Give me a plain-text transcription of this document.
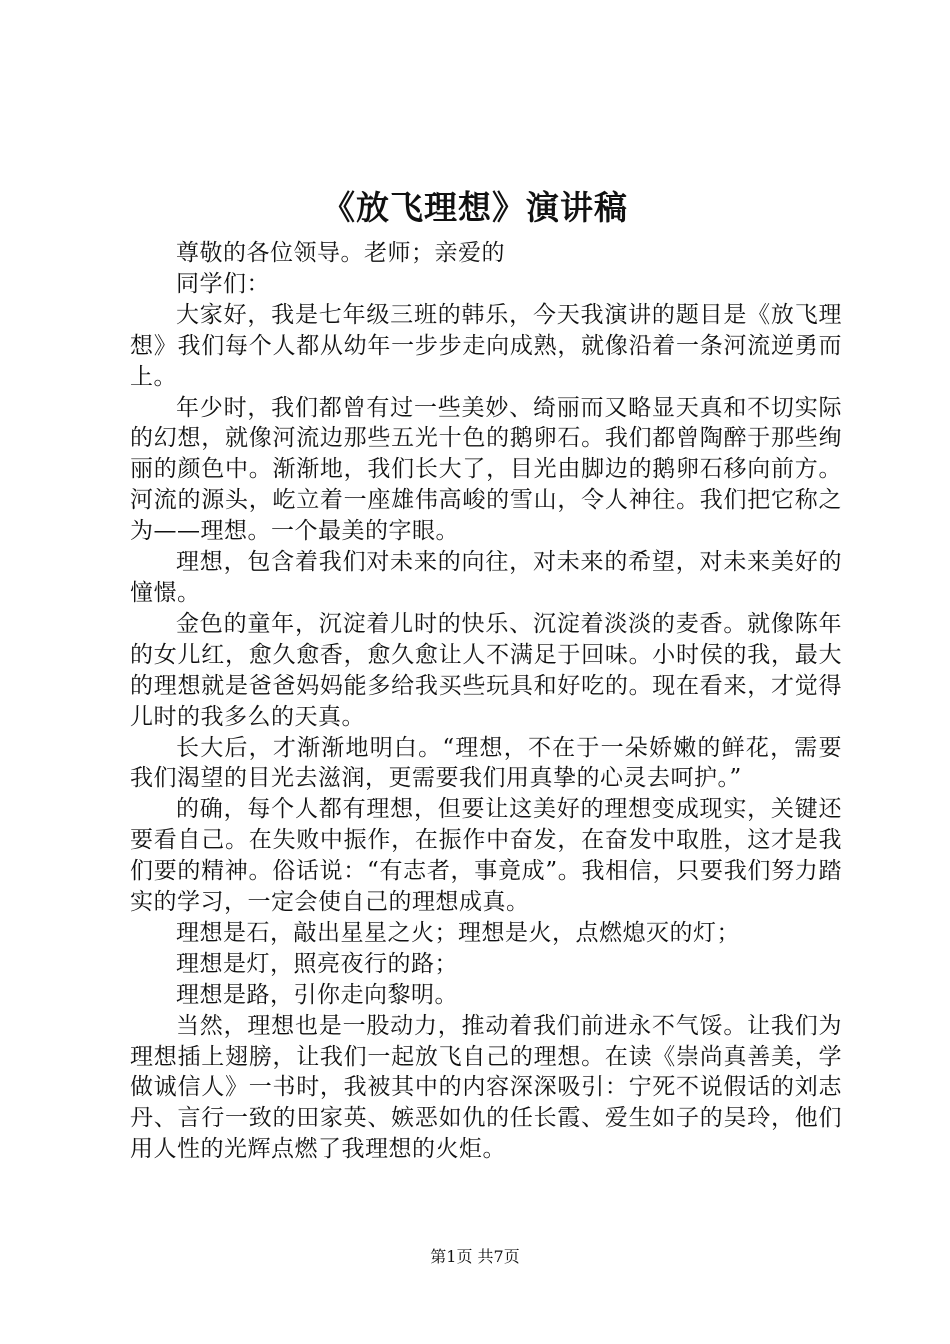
《放飞理想》演讲稿

尊敬的各位领导。老师；亲爱的

同学们：

大家好，我是七年级三班的韩乐，今天我演讲的题目是《放飞理想》我们每个人都从幼年一步步走向成熟，就像沿着一条河流逆勇而上。

年少时，我们都曾有过一些美妙、绮丽而又略显天真和不切实际的幻想，就像河流边那些五光十色的鹅卵石。我们都曾陶醉于那些绚丽的颜色中。渐渐地，我们长大了，目光由脚边的鹅卵石移向前方。河流的源头，屹立着一座雄伟高峻的雪山，令人神往。我们把它称之为——理想。一个最美的字眼。

理想，包含着我们对未来的向往，对未来的希望，对未来美好的憧憬。

金色的童年，沉淀着儿时的快乐、沉淀着淡淡的麦香。就像陈年的女儿红，愈久愈香，愈久愈让人不满足于回味。小时侯的我，最大的理想就是爸爸妈妈能多给我买些玩具和好吃的。现在看来，才觉得儿时的我多么的天真。

长大后，才渐渐地明白。“理想，不在于一朵娇嫩的鲜花，需要我们渴望的目光去滋润，更需要我们用真挚的心灵去呵护。”

的确，每个人都有理想，但要让这美好的理想变成现实，关键还要看自己。在失败中振作，在振作中奋发，在奋发中取胜，这才是我们要的精神。俗话说：“有志者，事竟成”。我相信，只要我们努力踏实的学习，一定会使自己的理想成真。

理想是石，敲出星星之火；理想是火，点燃熄灭的灯；

理想是灯，照亮夜行的路；

理想是路，引你走向黎明。

当然，理想也是一股动力，推动着我们前进永不气馁。让我们为理想插上翅膀，让我们一起放飞自己的理想。在读《崇尚真善美，学做诚信人》一书时，我被其中的内容深深吸引：宁死不说假话的刘志丹、言行一致的田家英、嫉恶如仇的任长霞、爱生如子的吴玲，他们用人性的光辉点燃了我理想的火炬。

第1页 共7页
